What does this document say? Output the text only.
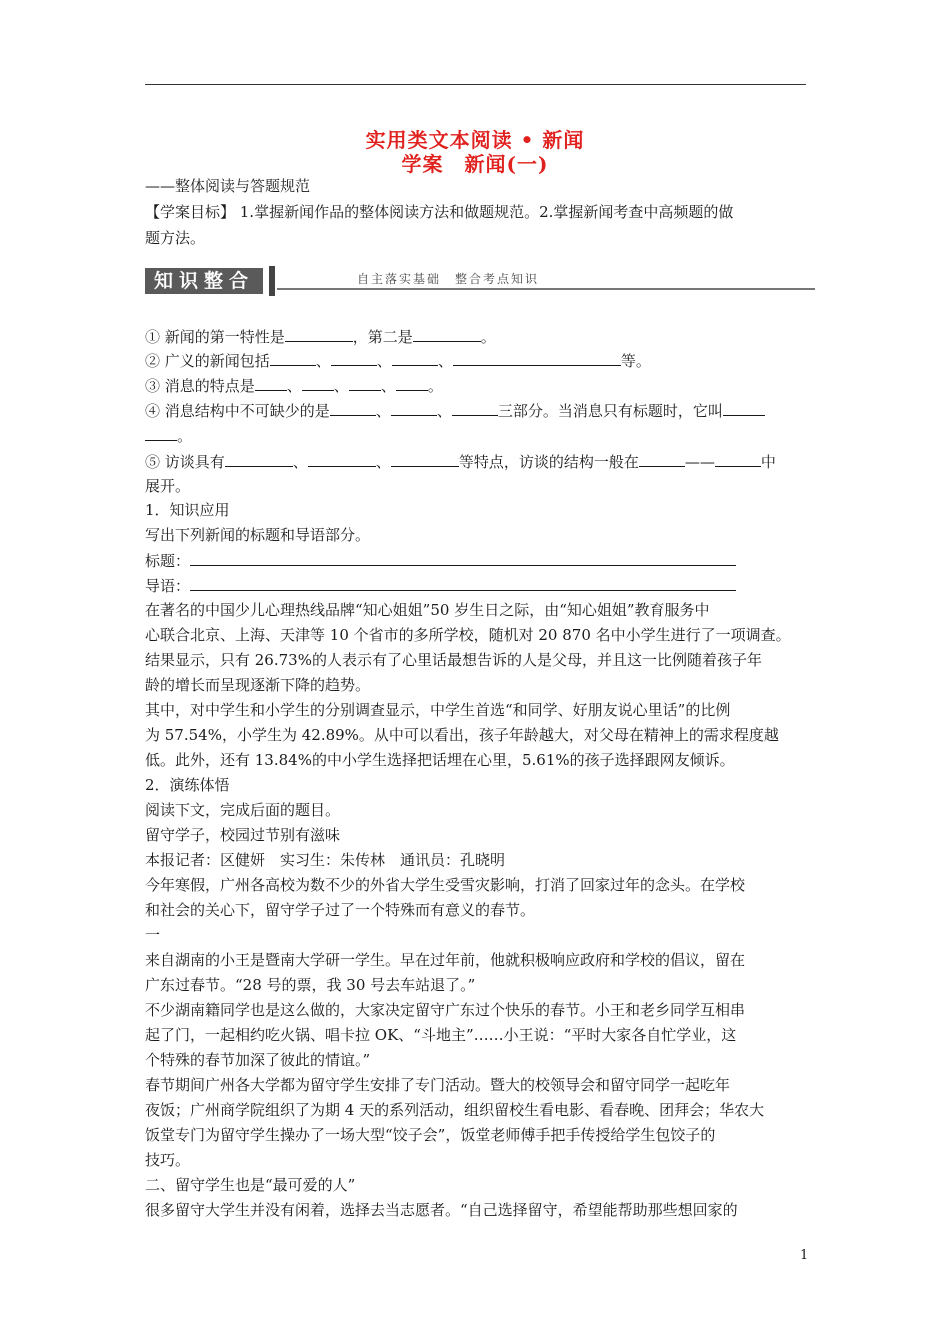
实用类文本阅读 • 新闻
学案　新闻(一)
——整体阅读与答题规范
【学案目标】 1.掌握新闻作品的整体阅读方法和做题规范。2.掌握新闻考查中高频题的做
题方法。
知识整合	自主落实基础　整合考点知识
① 新闻的第一特性是	，第二是	。
② 广义的新闻包括	、	、	、	等。
③ 消息的特点是 、 、 、 。
④ 消息结构中不可缺少的是	、	、	三部分。当消息只有标题时，它叫
。
⑤ 访谈具有	、	、	等特点，访谈的结构一般在	——	中
展开。
1．知识应用
写出下列新闻的标题和导语部分。
标题：
导语：
在著名的中国少儿心理热线品牌“知心姐姐”50 岁生日之际，由“知心姐姐”教育服务中
心联合北京、上海、天津等 10 个省市的多所学校，随机对 20 870 名中小学生进行了一项调查。
结果显示，只有 26.73%的人表示有了心里话最想告诉的人是父母，并且这一比例随着孩子年
龄的增长而呈现逐渐下降的趋势。
其中，对中学生和小学生的分别调查显示，中学生首选“和同学、好朋友说心里话”的比例
为 57.54%，小学生为 42.89%。从中可以看出，孩子年龄越大，对父母在精神上的需求程度越
低。此外，还有 13.84%的中小学生选择把话埋在心里，5.61%的孩子选择跟网友倾诉。
2．演练体悟
阅读下文，完成后面的题目。
留守学子，校园过节别有滋味
本报记者：区健妍　实习生：朱传林　通讯员：孔晓明
今年寒假，广州各高校为数不少的外省大学生受雪灾影响，打消了回家过年的念头。在学校
和社会的关心下，留守学子过了一个特殊而有意义的春节。
一
来自湖南的小王是暨南大学研一学生。早在过年前，他就积极响应政府和学校的倡议，留在
广东过春节。“28 号的票，我 30 号去车站退了。”
不少湖南籍同学也是这么做的，大家决定留守广东过个快乐的春节。小王和老乡同学互相串
起了门，一起相约吃火锅、唱卡拉 OK、“斗地主”……小王说：“平时大家各自忙学业，这
个特殊的春节加深了彼此的情谊。”
春节期间广州各大学都为留守学生安排了专门活动。暨大的校领导会和留守同学一起吃年
夜饭；广州商学院组织了为期 4 天的系列活动，组织留校生看电影、看春晚、团拜会；华农大
饭堂专门为留守学生操办了一场大型“饺子会”，饭堂老师傅手把手传授给学生包饺子的
技巧。
二、留守学生也是“最可爱的人”
很多留守大学生并没有闲着，选择去当志愿者。“自己选择留守，希望能帮助那些想回家的
1
